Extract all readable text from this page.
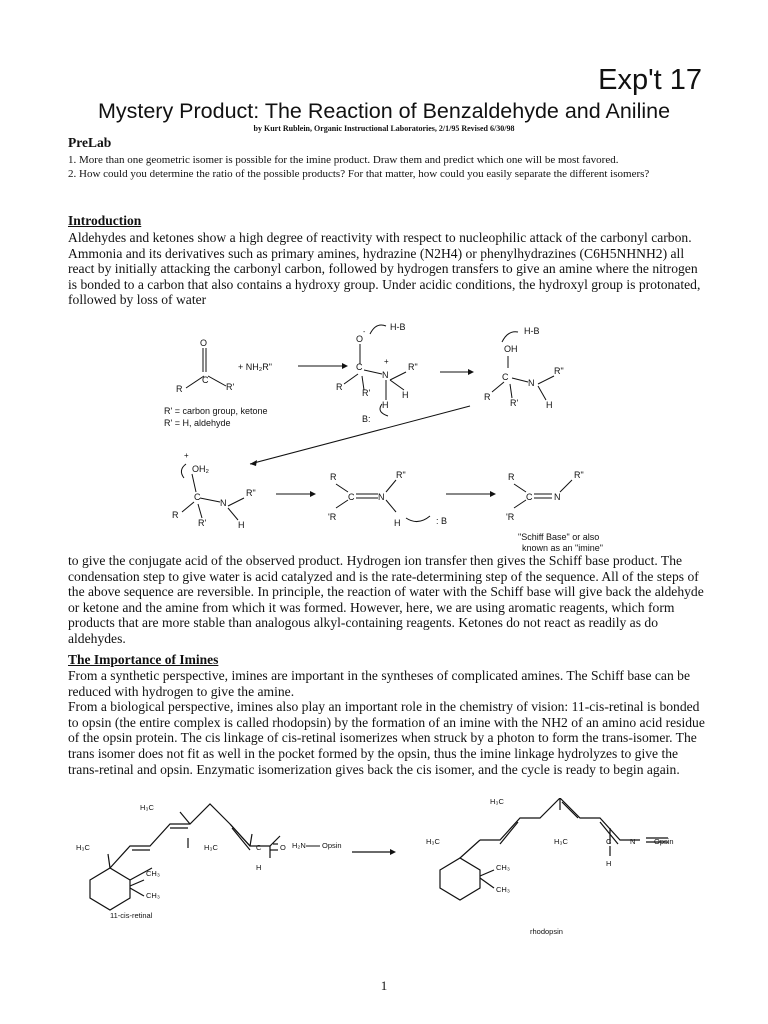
Exp't 17
Mystery Product: The Reaction of Benzaldehyde and Aniline
by Kurt Rublein, Organic Instructional Laboratories, 2/1/95 Revised 6/30/98
PreLab

1. More than one geometric isomer is possible for the imine product. Draw them and predict which one will be most favored.

2. How could you determine the ratio of the possible products? For that matter, how could you easily separate the different isomers?

Introduction
Aldehydes and ketones show a high degree of reactivity with respect to nucleophilic attack of the carbonyl carbon. Ammonia and its derivatives such as primary amines, hydrazine (N2H4) or phenylhydrazines (C6H5NHNH2) all react by initially attacking the carbonyl carbon, followed by hydrogen transfers to give an amine where the nitrogen is bonded to a carbon that also contains a hydroxy group. Under acidic conditions, the hydroxyl group is protonated, followed by loss of water
O
C
R	R'
+ NH₂R"
O
-
H-B
C
N
+
R
R'
R"
H
H
B:
OH
H-B
C
N
R
R'
R"
H
R' = carbon group, ketone
R' = H, aldehyde
+
OH₂
C
N
R
R'
R"
H
R	R"
C	N
'R
H	: B
R	R"
C N
'R
"Schiff Base" or also
known as an "imine"
to give the conjugate acid of the observed product. Hydrogen ion transfer then gives the Schiff base product. The condensation step to give water is acid catalyzed and is the rate-determining step of the sequence. All of the steps of the above sequence are reversible. In principle, the reaction of water with the Schiff base will give back the aldehyde or ketone and the amine from which it was formed. However, here, we are using aromatic reagents, which form products that are more stable than analogous alkyl-containing reagents. Ketones do not react as readily as do aldehydes.
The Importance of Imines

From a synthetic perspective, imines are important in the syntheses of complicated amines. The Schiff base can be reduced with hydrogen to give the amine.

From a biological perspective, imines also play an important role in the chemistry of vision: 11-cis-retinal is bonded to opsin (the entire complex is called rhodopsin) by the formation of an imine with the NH2 of an amino acid residue of the opsin protein. The cis linkage of cis-retinal isomerizes when struck by a photon to form the trans-isomer. The trans isomer does not fit as well in the pocket formed by the opsin, thus the imine linkage hydrolyzes to give the trans-retinal and opsin. Enzymatic isomerization gives back the cis isomer, and the cycle is ready to begin again.

H₃C
CH₃
CH₃
H₃C
H₃C	C
H
O H₂N Opsin
H₃C
H₃C
CH₃
CH₃
H₃C	C
H
N Opsin
11-cis-retinal
rhodopsin
1
